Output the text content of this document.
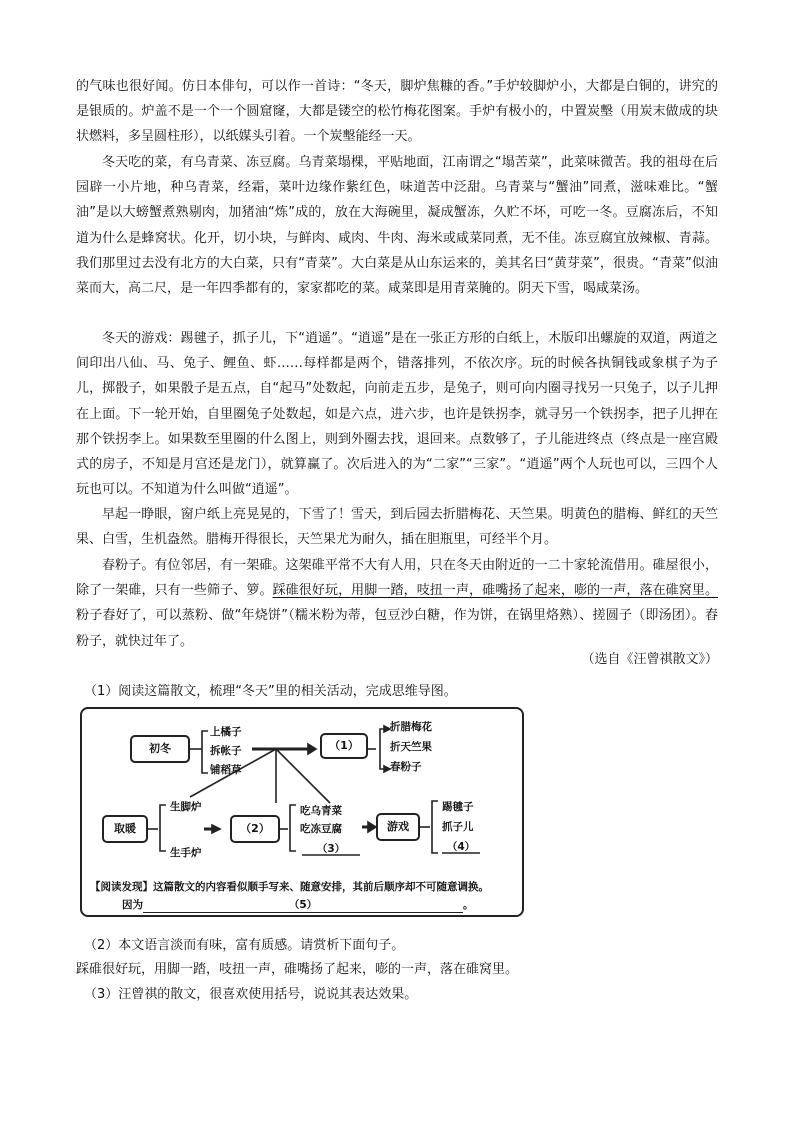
的气味也很好闻。仿日本俳句，可以作一首诗：“冬天，脚炉焦糠的香。”手炉较脚炉小，大都是白铜的，讲究的是银质的。炉盖不是一个一个圆窟窿，大都是镂空的松竹梅花图案。手炉有极小的，中置炭墼（用炭末做成的块状燃料，多呈圆柱形），以纸媒头引着。一个炭墼能经一天。

冬天吃的菜，有乌青菜、冻豆腐。乌青菜塌棵，平贴地面，江南谓之“塌苦菜”，此菜味微苦。我的祖母在后园辟一小片地，种乌青菜，经霜，菜叶边缘作紫红色，味道苦中泛甜。乌青菜与“蟹油”同煮，滋味难比。“蟹油”是以大螃蟹煮熟剔肉，加猪油“炼”成的，放在大海碗里，凝成蟹冻，久贮不坏，可吃一冬。豆腐冻后，不知道为什么是蜂窝状。化开，切小块，与鲜肉、咸肉、牛肉、海米或咸菜同煮，无不佳。冻豆腐宜放辣椒、青蒜。我们那里过去没有北方的大白菜，只有“青菜”。大白菜是从山东运来的，美其名曰“黄芽菜”，很贵。“青菜”似油菜而大，高二尺，是一年四季都有的，家家都吃的菜。咸菜即是用青菜腌的。阴天下雪，喝咸菜汤。

冬天的游戏：踢毽子，抓子儿，下“逍遥”。“逍遥”是在一张正方形的白纸上，木版印出螺旋的双道，两道之间印出八仙、马、兔子、鲤鱼、虾……每样都是两个，错落排列，不依次序。玩的时候各执铜钱或象棋子为子儿，掷骰子，如果骰子是五点，自“起马”处数起，向前走五步，是兔子，则可向内圈寻找另一只兔子，以子儿押在上面。下一轮开始，自里圈兔子处数起，如是六点，进六步，也许是铁拐李，就寻另一个铁拐李，把子儿押在那个铁拐李上。如果数至里圈的什么图上，则到外圈去找，退回来。点数够了，子儿能进终点（终点是一座宫殿式的房子，不知是月宫还是龙门），就算赢了。次后进入的为“二家”“三家”。“逍遥”两个人玩也可以，三四个人玩也可以。不知道为什么叫做“逍遥”。

早起一睁眼，窗户纸上亮晃晃的，下雪了！雪天，到后园去折腊梅花、天竺果。明黄色的腊梅、鲜红的天竺果、白雪，生机盎然。腊梅开得很长，天竺果尤为耐久，插在胆瓶里，可经半个月。

春粉子。有位邻居，有一架碓。这架碓平常不大有人用，只在冬天由附近的一二十家轮流借用。碓屋很小，除了一架碓，只有一些筛子、箩。踩碓很好玩，用脚一踏，吱扭一声，碓嘴扬了起来，嘭的一声，落在碓窝里。粉子舂好了，可以蒸粉、做“年烧饼”（糯米粉为蒂，包豆沙白糖，作为饼，在锅里烙熟）、搓圆子（即汤团）。舂粉子，就快过年了。

（选自《汪曾祺散文》）
（1）阅读这篇散文，梳理“冬天”里的相关活动，完成思维导图。
初冬
上橘子
拆帐子
铺稻草
（1）
折腊梅花
折天竺果
春粉子
取暖
生脚炉
生手炉
（2）
吃乌青菜
吃冻豆腐
（3）
游戏
踢毽子
抓子儿
（4）
【阅读发现】这篇散文的内容看似顺手写来、随意安排，其前后顺序却不可随意调换。
因为	（5）	。
（2）本文语言淡而有味，富有质感。请赏析下面句子。
踩碓很好玩，用脚一踏，吱扭一声，碓嘴扬了起来，嘭的一声，落在碓窝里。
（3）汪曾祺的散文，很喜欢使用括号，说说其表达效果。
